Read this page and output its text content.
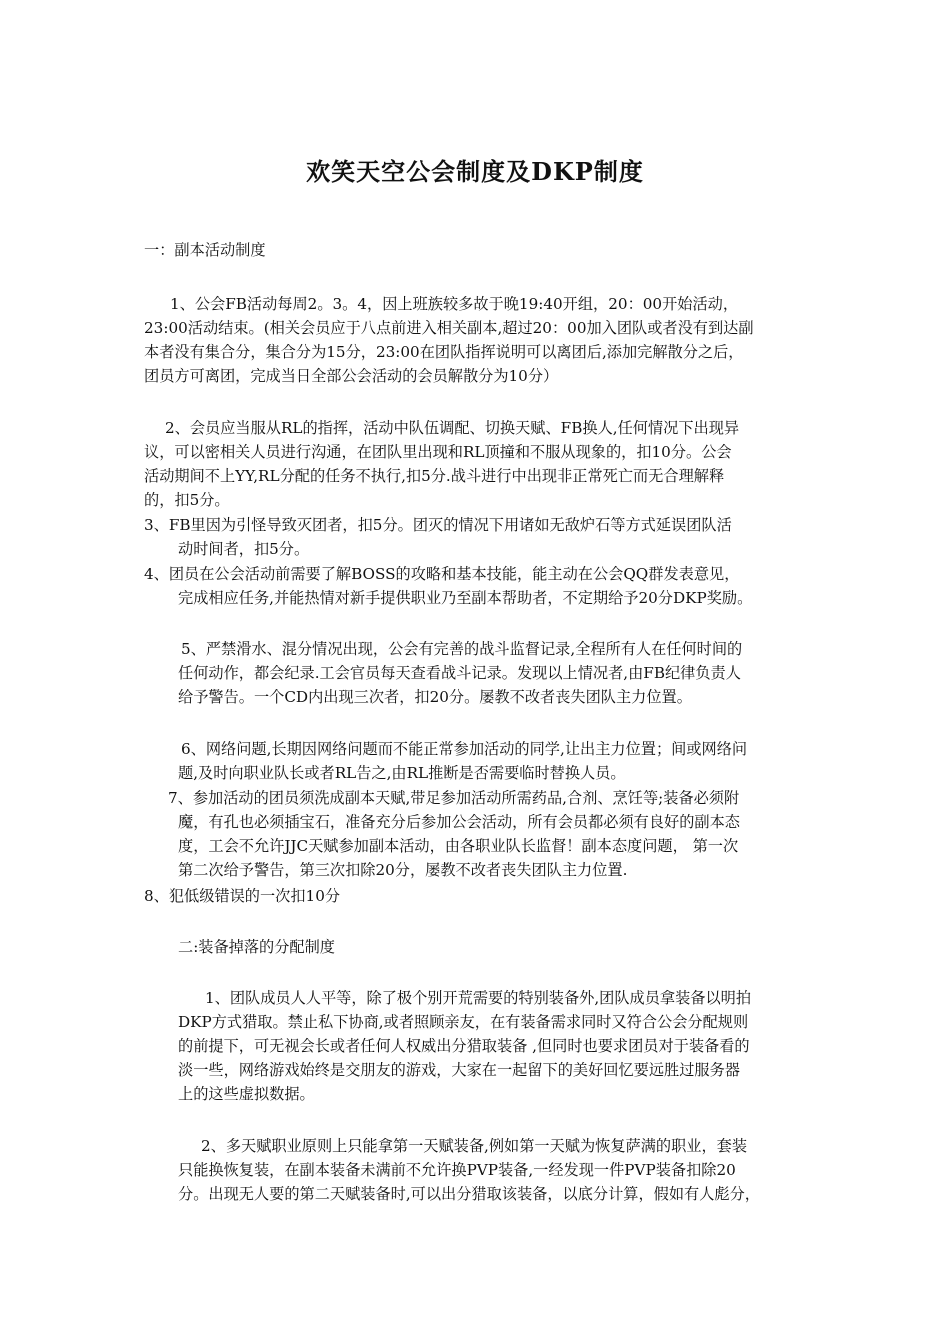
欢笑天空公会制度及DKP制度

一：副本活动制度

1、公会FB活动每周2。3。4，因上班族较多故于晚19:40开组，20：00开始活动，

23:00活动结束。(相关会员应于八点前进入相关副本,超过20：00加入团队或者没有到达副

本者没有集合分，集合分为15分，23:00在团队指挥说明可以离团后,添加完解散分之后，

团员方可离团，完成当日全部公会活动的会员解散分为10分）

2、会员应当服从RL的指挥，活动中队伍调配、切换天赋、FB换人,任何情况下出现异

议，可以密相关人员进行沟通，在团队里出现和RL顶撞和不服从现象的，扣10分。公会

活动期间不上YY,RL分配的任务不执行,扣5分.战斗进行中出现非正常死亡而无合理解释

的，扣5分。

3、FB里因为引怪导致灭团者，扣5分。团灭的情况下用诸如无敌炉石等方式延误团队活

动时间者，扣5分。

4、团员在公会活动前需要了解BOSS的攻略和基本技能，能主动在公会QQ群发表意见，

完成相应任务,并能热情对新手提供职业乃至副本帮助者，不定期给予20分DKP奖励。

5、严禁滑水、混分情况出现，公会有完善的战斗监督记录,全程所有人在任何时间的

任何动作，都会纪录.工会官员每天查看战斗记录。发现以上情况者,由FB纪律负责人

给予警告。一个CD内出现三次者，扣20分。屡教不改者丧失团队主力位置。

6、网络问题,长期因网络问题而不能正常参加活动的同学,让出主力位置；间或网络问

题,及时向职业队长或者RL告之,由RL推断是否需要临时替换人员。

7、参加活动的团员须洗成副本天赋,带足参加活动所需药品,合剂、烹饪等;装备必须附

魔，有孔也必须插宝石，准备充分后参加公会活动，所有会员都必须有良好的副本态

度，工会不允许JJC天赋参加副本活动，由各职业队长监督！副本态度问题， 第一次

第二次给予警告，第三次扣除20分，屡教不改者丧失团队主力位置.

8、犯低级错误的一次扣10分

二:装备掉落的分配制度

1、团队成员人人平等，除了极个别开荒需要的特别装备外,团队成员拿装备以明拍

DKP方式猎取。禁止私下协商,或者照顾亲友，在有装备需求同时又符合公会分配规则

的前提下，可无视会长或者任何人权威出分猎取装备 ,但同时也要求团员对于装备看的

淡一些，网络游戏始终是交朋友的游戏，大家在一起留下的美好回忆要远胜过服务器

上的这些虚拟数据。

2、多天赋职业原则上只能拿第一天赋装备,例如第一天赋为恢复萨满的职业，套装

只能换恢复装，在副本装备未满前不允许换PVP装备,一经发现一件PVP装备扣除20

分。出现无人要的第二天赋装备时,可以出分猎取该装备，以底分计算，假如有人彪分，
